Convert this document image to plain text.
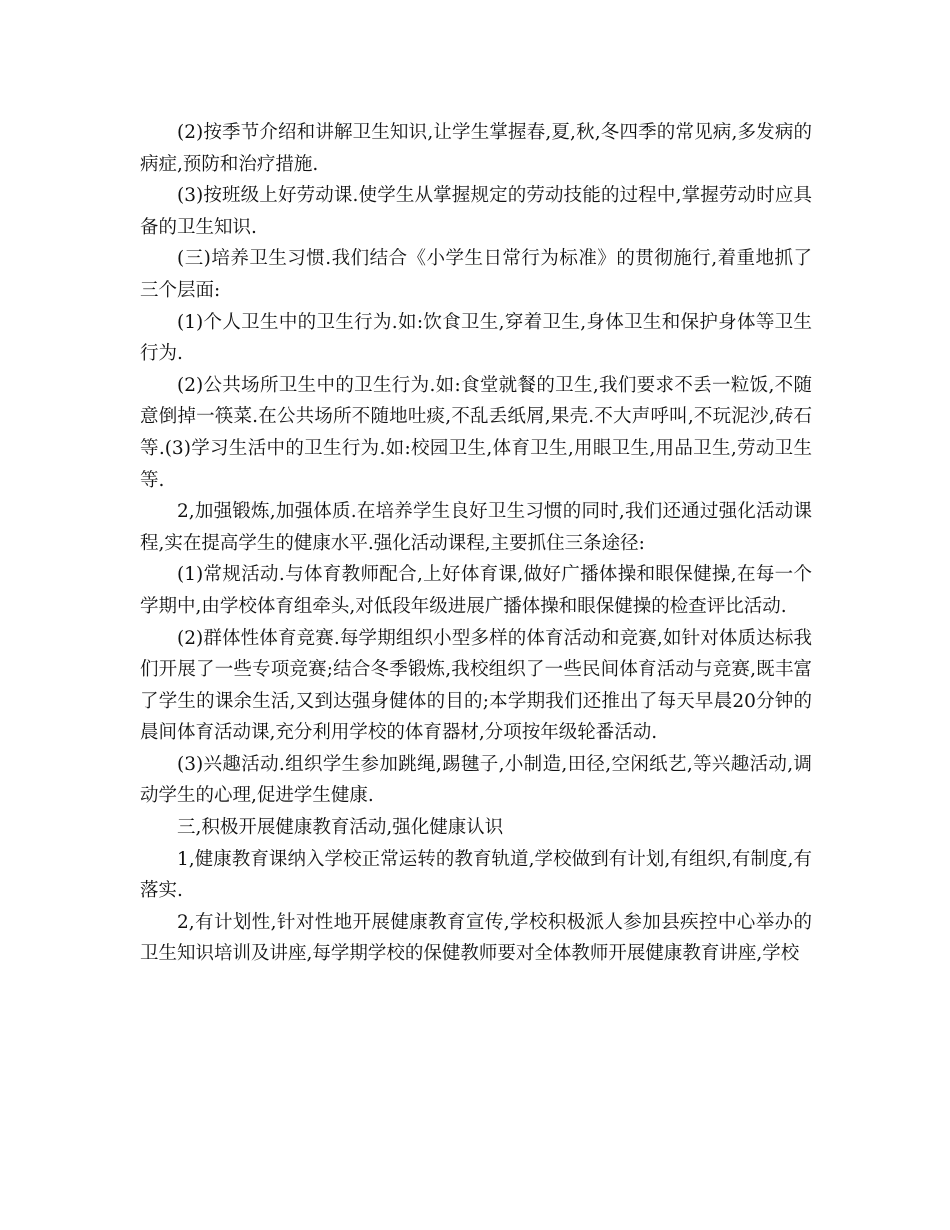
(2)按季节介绍和讲解卫生知识,让学生掌握春,夏,秋,冬四季的常见病,多发病的病症,预防和治疗措施.

(3)按班级上好劳动课.使学生从掌握规定的劳动技能的过程中,掌握劳动时应具备的卫生知识.

(三)培养卫生习惯.我们结合《小学生日常行为标准》的贯彻施行,着重地抓了三个层面:

(1)个人卫生中的卫生行为.如:饮食卫生,穿着卫生,身体卫生和保护身体等卫生行为.

(2)公共场所卫生中的卫生行为.如:食堂就餐的卫生,我们要求不丢一粒饭,不随意倒掉一筷菜.在公共场所不随地吐痰,不乱丢纸屑,果壳.不大声呼叫,不玩泥沙,砖石等.(3)学习生活中的卫生行为.如:校园卫生,体育卫生,用眼卫生,用品卫生,劳动卫生等.

2,加强锻炼,加强体质.在培养学生良好卫生习惯的同时,我们还通过强化活动课程,实在提高学生的健康水平.强化活动课程,主要抓住三条途径:

(1)常规活动.与体育教师配合,上好体育课,做好广播体操和眼保健操,在每一个学期中,由学校体育组牵头,对低段年级进展广播体操和眼保健操的检查评比活动.

(2)群体性体育竞赛.每学期组织小型多样的体育活动和竞赛,如针对体质达标我们开展了一些专项竞赛;结合冬季锻炼,我校组织了一些民间体育活动与竞赛,既丰富了学生的课余生活,又到达强身健体的目的;本学期我们还推出了每天早晨20分钟的晨间体育活动课,充分利用学校的体育器材,分项按年级轮番活动.

(3)兴趣活动.组织学生参加跳绳,踢毽子,小制造,田径,空闲纸艺,等兴趣活动,调动学生的心理,促进学生健康.

三,积极开展健康教育活动,强化健康认识

1,健康教育课纳入学校正常运转的教育轨道,学校做到有计划,有组织,有制度,有落实.

2,有计划性,针对性地开展健康教育宣传,学校积极派人参加县疾控中心举办的卫生知识培训及讲座,每学期学校的保健教师要对全体教师开展健康教育讲座,学校
